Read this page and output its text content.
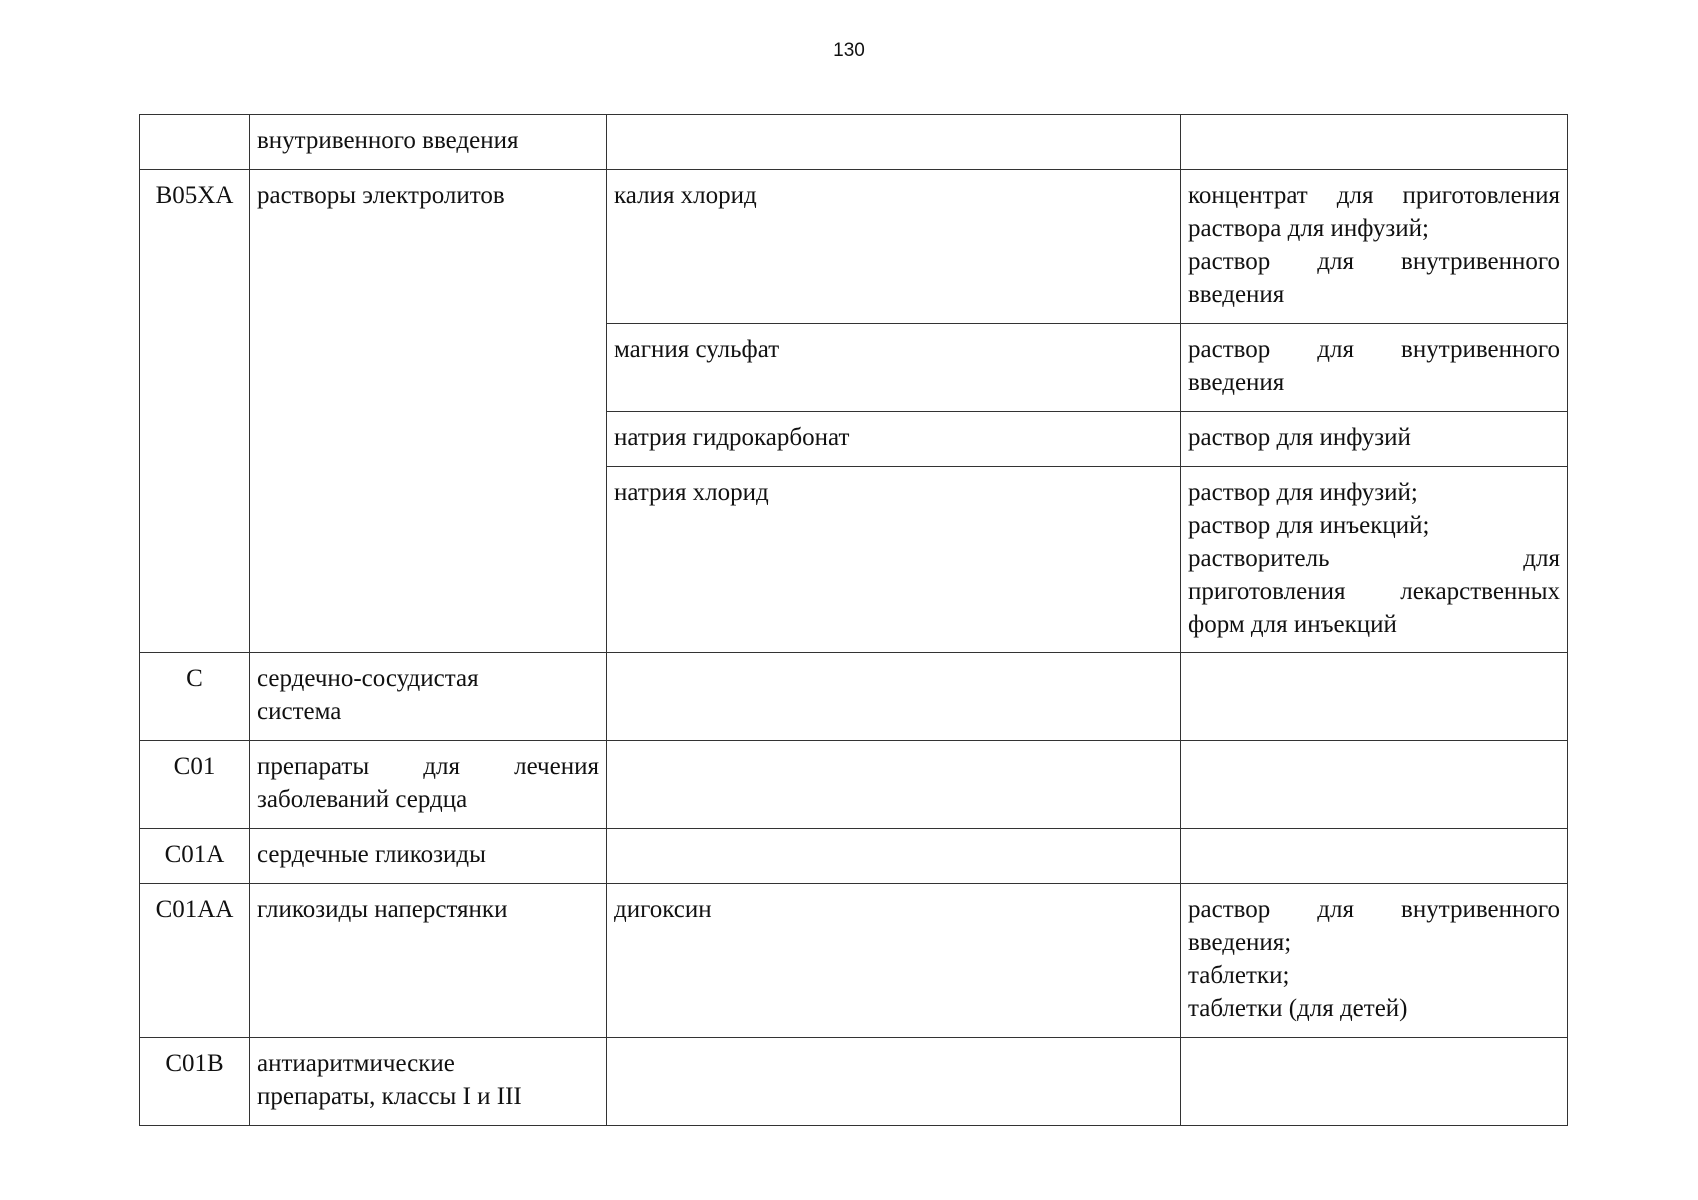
130
	внутривенного введения		
B05XA	растворы электролитов	калия хлорид	концентрат для приготовления
раствора для инфузий;
раствор для внутривенного
введения

		магния сульфат	раствор для внутривенного
введения

		натрия гидрокарбонат	раствор для инфузий

		натрия хлорид	раствор для инфузий;
раствор для инъекций;
растворитель для
приготовления лекарственных
форм для инъекций

C	сердечно-сосудистая
система		

C01	препараты для лечения
заболеваний сердца		

C01A	сердечные гликозиды		
C01AA	гликозиды наперстянки	дигоксин	раствор для внутривенного
введения;
таблетки;
таблетки (для детей)

C01B	антиаритмические
препараты, классы I и III		
